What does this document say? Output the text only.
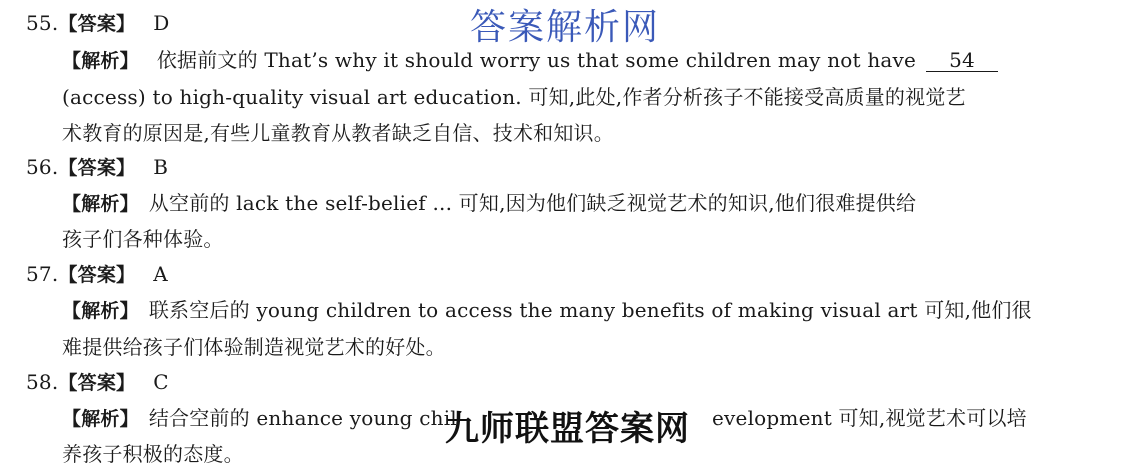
55.【答案】 D
【解析】 依据前文的 That’s why it should worry us that some children may not have 54
(access) to high-quality visual art education. 可知,此处,作者分析孩子不能接受高质量的视觉艺
术教育的原因是,有些儿童教育从教者缺乏自信、技术和知识。
56.【答案】 B
【解析】 从空前的 lack the self-belief ... 可知,因为他们缺乏视觉艺术的知识,他们很难提供给
孩子们各种体验。
57.【答案】 A
【解析】 联系空后的 young children to access the many benefits of making visual art 可知,他们很
难提供给孩子们体验制造视觉艺术的好处。
58.【答案】 C
【解析】 结合空前的 enhance young chil	evelopment 可知,视觉艺术可以培
养孩子积极的态度。
答案解析网
九师联盟答案网
